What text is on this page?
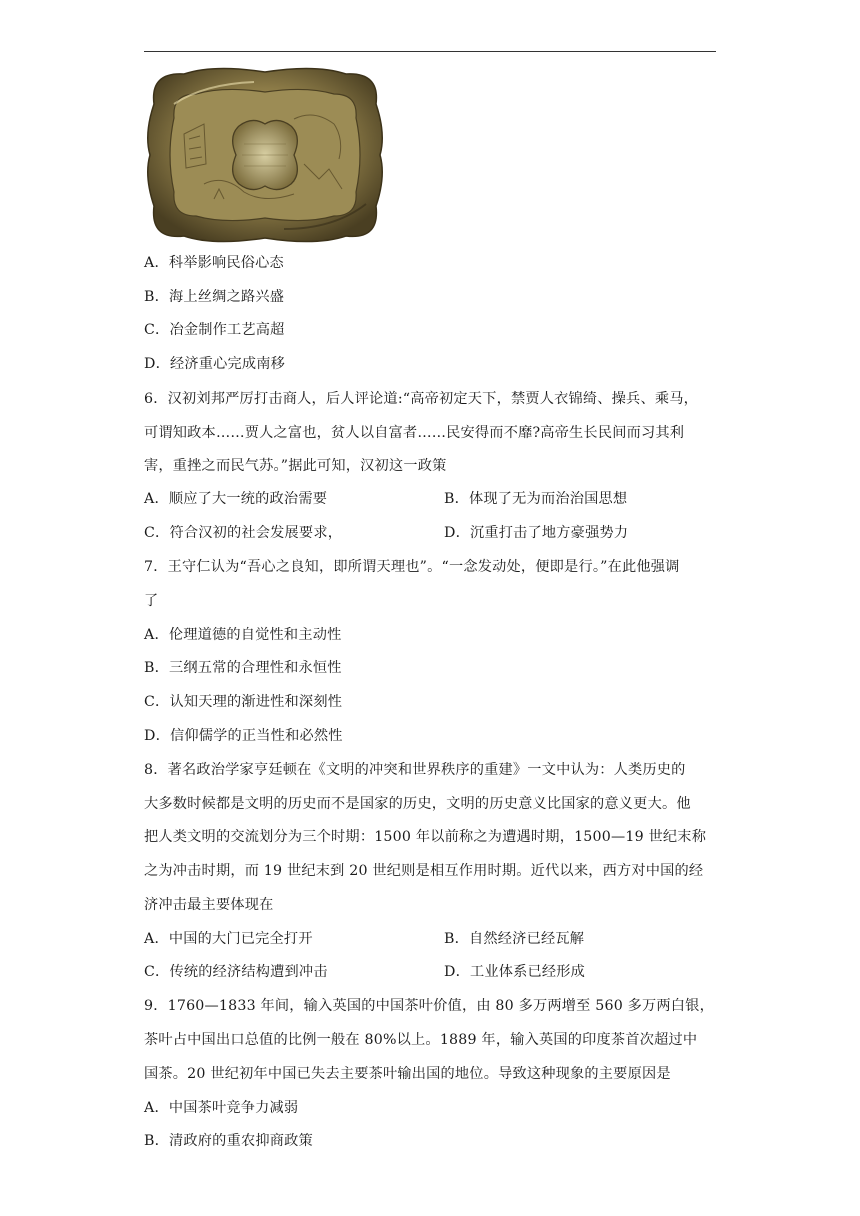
A．科举影响民俗心态
B．海上丝绸之路兴盛
C．冶金制作工艺高超
D．经济重心完成南移
6．汉初刘邦严厉打击商人，后人评论道:“高帝初定天下，禁贾人衣锦绮、操兵、乘马，
可谓知政本……贾人之富也，贫人以自富者……民安得而不靡?高帝生长民间而习其利
害，重挫之而民气苏。”据此可知，汉初这一政策
A．顺应了大一统的政治需要	B．体现了无为而治治国思想
C．符合汉初的社会发展要求，	D．沉重打击了地方豪强势力
7．王守仁认为“吾心之良知，即所谓天理也”。“一念发动处，便即是行。”在此他强调
了
A．伦理道德的自觉性和主动性
B．三纲五常的合理性和永恒性
C．认知天理的渐进性和深刻性
D．信仰儒学的正当性和必然性
8．著名政治学家亨廷顿在《文明的冲突和世界秩序的重建》一文中认为：人类历史的
大多数时候都是文明的历史而不是国家的历史，文明的历史意义比国家的意义更大。他
把人类文明的交流划分为三个时期：1500 年以前称之为遭遇时期，1500—19 世纪末称
之为冲击时期，而 19 世纪末到 20 世纪则是相互作用时期。近代以来，西方对中国的经
济冲击最主要体现在
A．中国的大门已完全打开	B．自然经济已经瓦解
C．传统的经济结构遭到冲击	D．工业体系已经形成
9．1760—1833 年间，输入英国的中国茶叶价值，由 80 多万两增至 560 多万两白银，
茶叶占中国出口总值的比例一般在 80%以上。1889 年，输入英国的印度茶首次超过中
国茶。20 世纪初年中国已失去主要茶叶输出国的地位。导致这种现象的主要原因是
A．中国茶叶竞争力减弱
B．清政府的重农抑商政策
